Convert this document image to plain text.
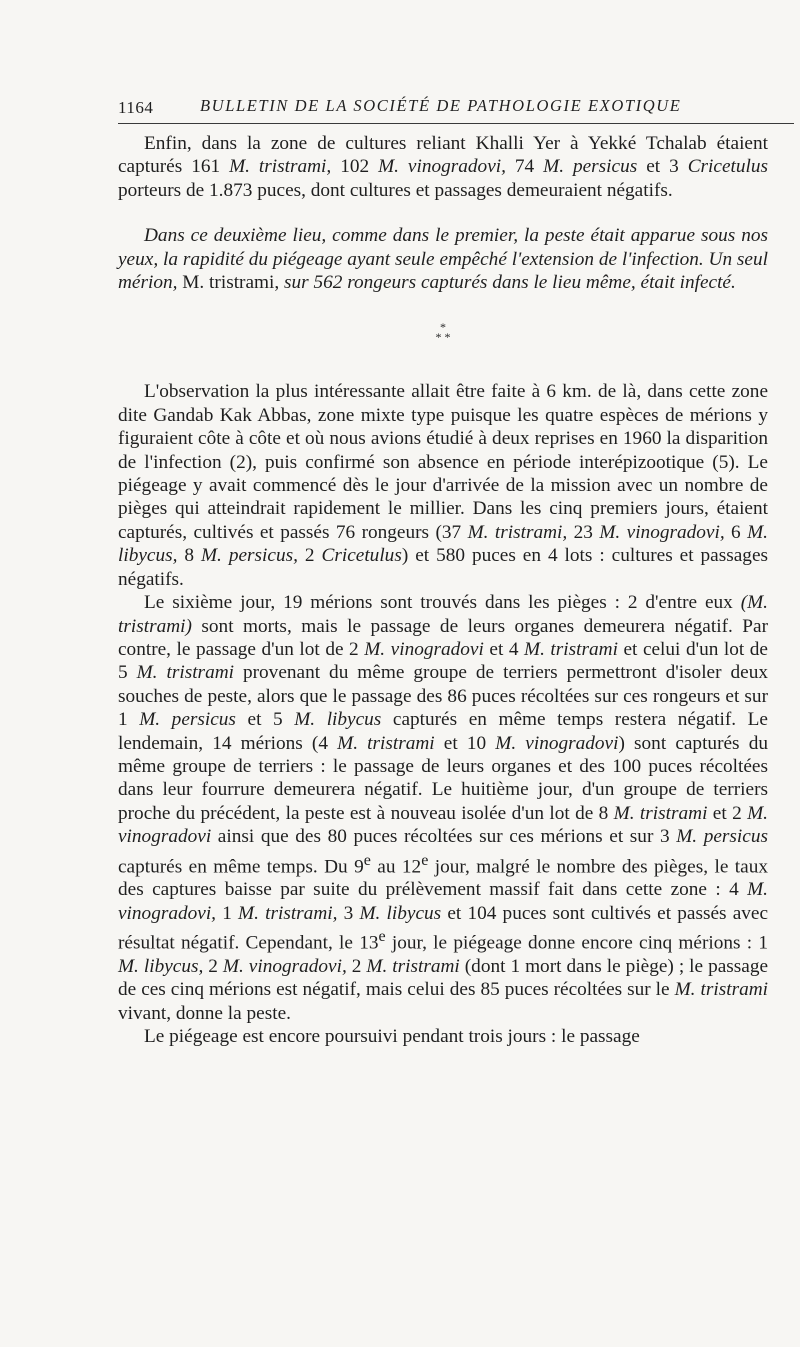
1164	BULLETIN DE LA SOCIÉTÉ DE PATHOLOGIE EXOTIQUE

Enfin, dans la zone de cultures reliant Khalli Yer à Yekké Tchalab étaient capturés 161 M. tristrami, 102 M. vinogradovi, 74 M. persicus et 3 Cricetulus porteurs de 1.873 puces, dont cultures et passages demeuraient négatifs.

Dans ce deuxième lieu, comme dans le premier, la peste était apparue sous nos yeux, la rapidité du piégeage ayant seule empêché l'extension de l'infection. Un seul mérion, M. tristrami, sur 562 rongeurs capturés dans le lieu même, était infecté.

*
* *

L'observation la plus intéressante allait être faite à 6 km. de là, dans cette zone dite Gandab Kak Abbas, zone mixte type puisque les quatre espèces de mérions y figuraient côte à côte et où nous avions étudié à deux reprises en 1960 la disparition de l'infection (2), puis confirmé son absence en période interépizootique (5). Le piégeage y avait commencé dès le jour d'arrivée de la mission avec un nombre de pièges qui atteindrait rapidement le millier. Dans les cinq premiers jours, étaient capturés, cultivés et passés 76 rongeurs (37 M. tristrami, 23 M. vinogradovi, 6 M. libycus, 8 M. persicus, 2 Cricetulus) et 580 puces en 4 lots : cultures et passages négatifs.

Le sixième jour, 19 mérions sont trouvés dans les pièges : 2 d'entre eux (M. tristrami) sont morts, mais le passage de leurs organes demeurera négatif. Par contre, le passage d'un lot de 2 M. vinogradovi et 4 M. tristrami et celui d'un lot de 5 M. tristrami provenant du même groupe de terriers permettront d'isoler deux souches de peste, alors que le passage des 86 puces récoltées sur ces rongeurs et sur 1 M. persicus et 5 M. libycus capturés en même temps restera négatif. Le lendemain, 14 mérions (4 M. tristrami et 10 M. vinogradovi) sont capturés du même groupe de terriers : le passage de leurs organes et des 100 puces récoltées dans leur fourrure demeurera négatif. Le huitième jour, d'un groupe de terriers proche du précédent, la peste est à nouveau isolée d'un lot de 8 M. tristrami et 2 M. vinogradovi ainsi que des 80 puces récoltées sur ces mérions et sur 3 M. persicus capturés en même temps. Du 9e au 12e jour, malgré le nombre des pièges, le taux des captures baisse par suite du prélèvement massif fait dans cette zone : 4 M. vinogradovi, 1 M. tristrami, 3 M. libycus et 104 puces sont cultivés et passés avec résultat négatif. Cependant, le 13e jour, le piégeage donne encore cinq mérions : 1 M. libycus, 2 M. vinogradovi, 2 M. tristrami (dont 1 mort dans le piège) ; le passage de ces cinq mérions est négatif, mais celui des 85 puces récoltées sur le M. tristrami vivant, donne la peste.

Le piégeage est encore poursuivi pendant trois jours : le passage
